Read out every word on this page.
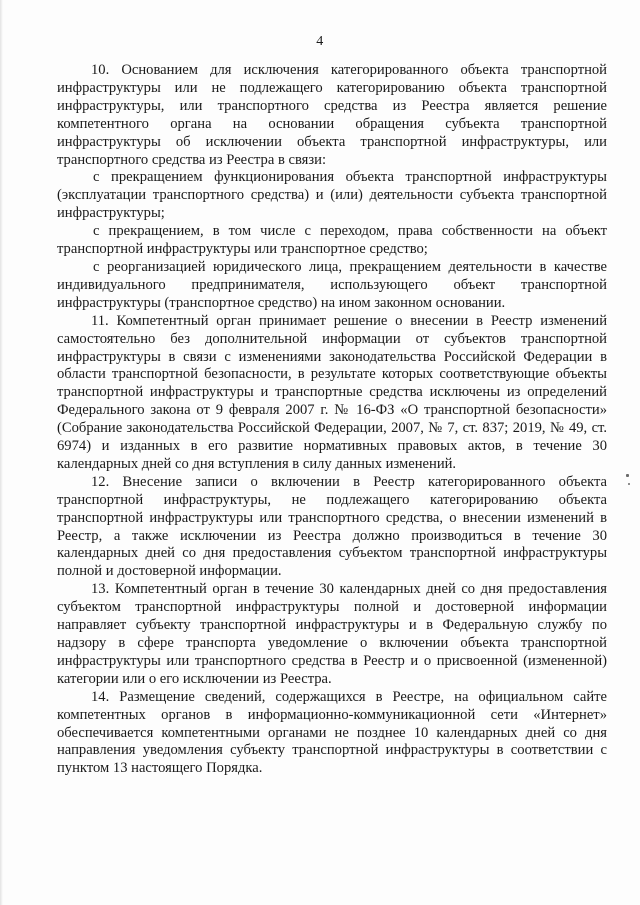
4

10. Основанием для исключения категорированного объекта транспортной инфраструктуры или не подлежащего категорированию объекта транспортной инфраструктуры, или транспортного средства из Реестра является решение компетентного органа на основании обращения субъекта транспортной инфраструктуры об исключении объекта транспортной инфраструктуры, или транспортного средства из Реестра в связи:

с прекращением функционирования объекта транспортной инфраструктуры (эксплуатации транспортного средства) и (или) деятельности субъекта транспортной инфраструктуры;

с прекращением, в том числе с переходом, права собственности на объект транспортной инфраструктуры или транспортное средство;

с реорганизацией юридического лица, прекращением деятельности в качестве индивидуального предпринимателя, использующего объект транспортной инфраструктуры (транспортное средство) на ином законном основании.

11. Компетентный орган принимает решение о внесении в Реестр изменений самостоятельно без дополнительной информации от субъектов транспортной инфраструктуры в связи с изменениями законодательства Российской Федерации в области транспортной безопасности, в результате которых соответствующие объекты транспортной инфраструктуры и транспортные средства исключены из определений Федерального закона от 9 февраля 2007 г. № 16-ФЗ «О транспортной безопасности» (Собрание законодательства Российской Федерации, 2007, № 7, ст. 837; 2019, № 49, ст. 6974) и изданных в его развитие нормативных правовых актов, в течение 30 календарных дней со дня вступления в силу данных изменений.

12. Внесение записи о включении в Реестр категорированного объекта транспортной инфраструктуры, не подлежащего категорированию объекта транспортной инфраструктуры или транспортного средства, о внесении изменений в Реестр, а также исключении из Реестра должно производиться в течение 30 календарных дней со дня предоставления субъектом транспортной инфраструктуры полной и достоверной информации.

13. Компетентный орган в течение 30 календарных дней со дня предоставления субъектом транспортной инфраструктуры полной и достоверной информации направляет субъекту транспортной инфраструктуры и в Федеральную службу по надзору в сфере транспорта уведомление о включении объекта транспортной инфраструктуры или транспортного средства в Реестр и о присвоенной (измененной) категории или о его исключении из Реестра.

14. Размещение сведений, содержащихся в Реестре, на официальном сайте компетентных органов в информационно-коммуникационной сети «Интернет» обеспечивается компетентными органами не позднее 10 календарных дней со дня направления уведомления субъекту транспортной инфраструктуры в соответствии с пунктом 13 настоящего Порядка.
